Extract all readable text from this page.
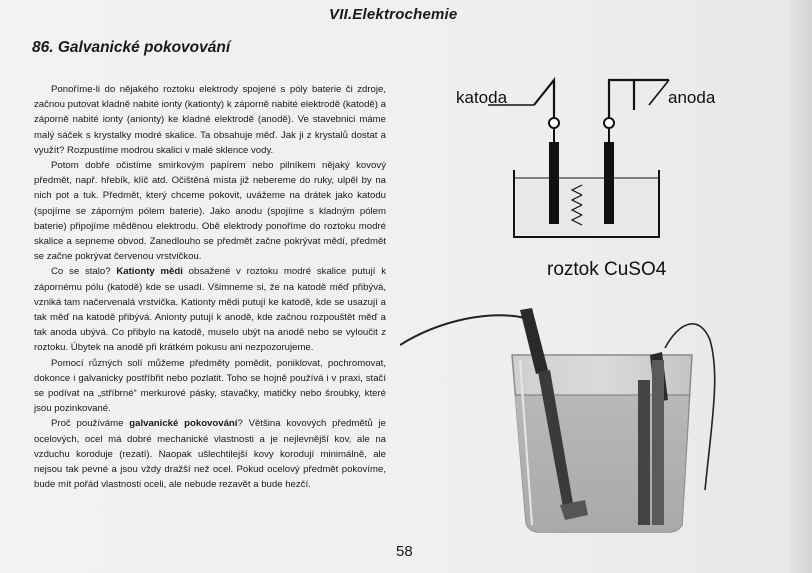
VII.Elektrochemie
86. Galvanické pokovování

Ponoříme-li do nějakého roztoku elektrody spojené s póly baterie či zdroje, začnou putovat kladně nabité ionty (kationty) k záporně nabité elektrodě (katodě) a záporně nabité ionty (anionty) ke kladné elektrodě (anodě). Ve stavebnici máme malý sáček s krystalky modré skalice. Ta obsahuje měď. Jak ji z krystalů dostat a využít? Rozpustíme modrou skalici v malé sklence vody.

Potom dobře očistíme smirkovým papírem nebo pilníkem nějaký kovový předmět, např. hřebík, klíč atd. Očištěná místa již nebereme do ruky, ulpěl by na nich pot a tuk. Předmět, který chceme pokovit, uvážeme na drátek jako katodu (spojíme se záporným pólem baterie). Jako anodu (spojíme s kladným pólem baterie) připojíme měděnou elektrodu. Obě elektrody ponoříme do roztoku modré skalice a sepneme obvod. Zanedlouho se předmět začne pokrývat mědí, předmět se začne pokrývat červenou vrstvičkou.

Co se stalo? Kationty mědi obsažené v roztoku modré skalice putují k zápornému pólu (katodě) kde se usadí. Všimneme si, že na katodě měď přibývá, vzniká tam načervenalá vrstvička. Kationty mědi putují ke katodě, kde se usazují a tak měď na katodě přibývá. Anionty putují k anodě, kde začnou rozpouštět měď a tak anoda ubývá. Co přibylo na katodě, muselo ubýt na anodě nebo se vyloučit z roztoku. Úbytek na anodě při krátkém pokusu ani nezpozorujeme.

Pomocí různých solí můžeme předměty pomědit, poniklovat, pochromovat, dokonce i galvanicky postříbřit nebo pozlatit. Toho se hojně používá i v praxi, stačí se podívat na „stříbrné“ merkurové pásky, stavačky, matičky nebo šroubky, které jsou pozinkované.

Proč používáme galvanické pokovování? Většina kovových předmětů je ocelových, ocel má dobré mechanické vlastnosti a je nejlevnější kov, ale na vzduchu koroduje (rezatí). Naopak ušlechtilejší kovy korodují minimálně, ale nejsou tak pevné a jsou vždy dražší než ocel. Pokud ocelový předmět pokovíme, bude mít pořád vlastnosti oceli, ale nebude rezavět a bude hezčí.

katoda	anoda
roztok CuSO4
58
